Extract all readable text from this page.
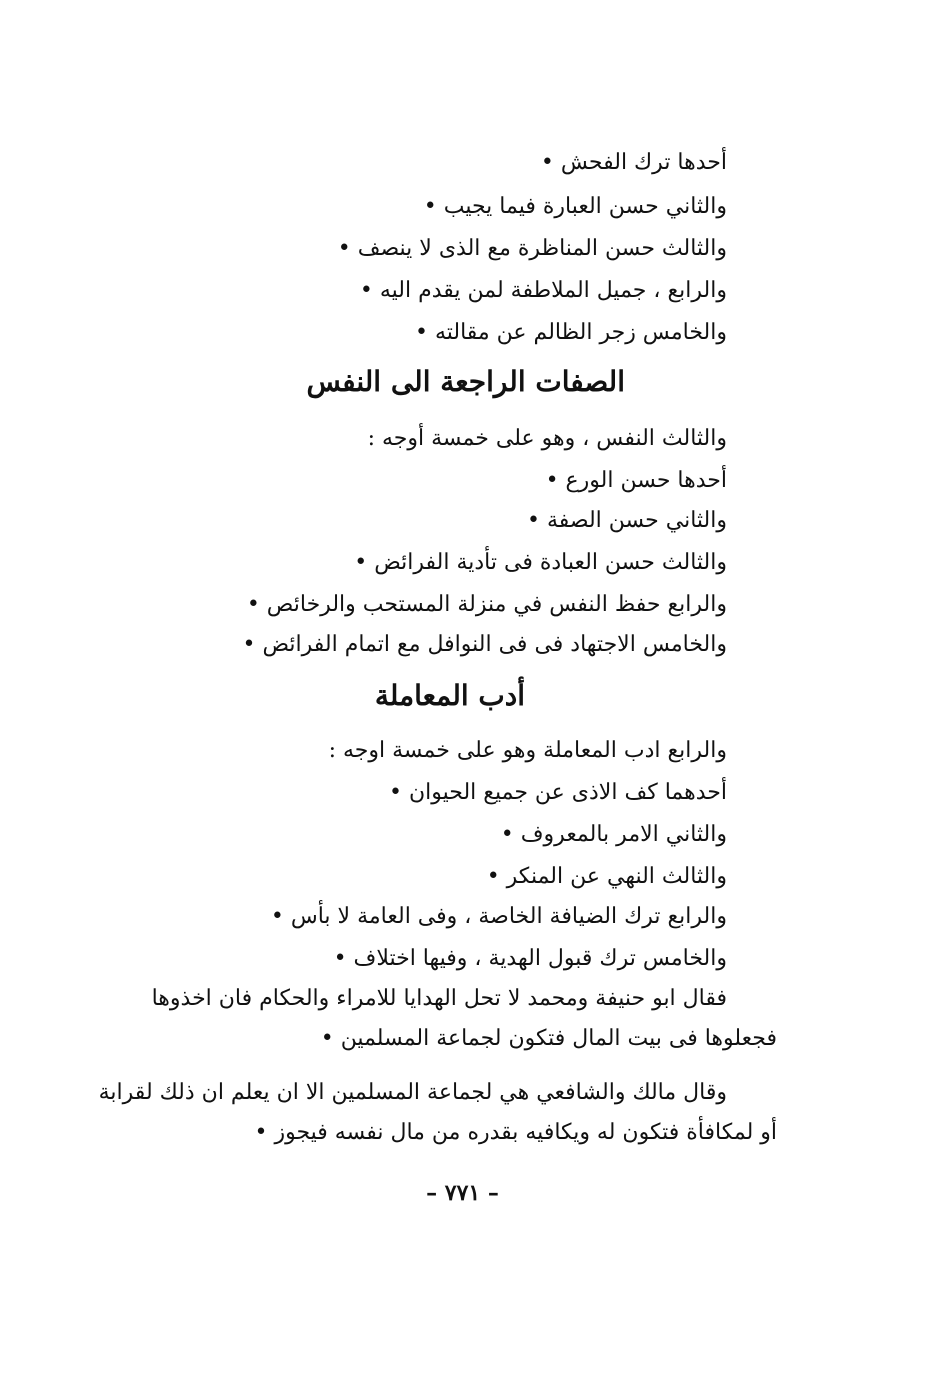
أحدها ترك الفحش •
والثاني حسن العبارة فيما يجيب •
والثالث حسن المناظرة مع الذى لا ينصف •
والرابع ، جميل الملاطفة لمن يقدم اليه •
والخامس زجر الظالم عن مقالته •
الصفات الراجعة الى النفس
والثالث النفس ، وهو على خمسة أوجه :
أحدها حسن الورع •
والثاني حسن الصفة •
والثالث حسن العبادة فى تأدية الفرائض •
والرابع حفظ النفس في منزلة المستحب والرخائص •
والخامس الاجتهاد فى فى النوافل مع اتمام الفرائض •
أدب المعاملة
والرابع ادب المعاملة وهو على خمسة اوجه :
أحدهما كف الاذى عن جميع الحيوان •
والثاني الامر بالمعروف •
والثالث النهي عن المنكر •
والرابع ترك الضيافة الخاصة ، وفى العامة لا بأس •
والخامس ترك قبول الهدية ، وفيها اختلاف •
فقال ابو حنيفة ومحمد لا تحل الهدايا للامراء والحكام فان اخذوها
فجعلوها فى بيت المال فتكون لجماعة المسلمين •
وقال مالك والشافعي هي لجماعة المسلمين الا ان يعلم ان ذلك لقرابة
أو لمكافأة فتكون له ويكافيه بقدره من مال نفسه فيجوز •
– ٧٧١ –
